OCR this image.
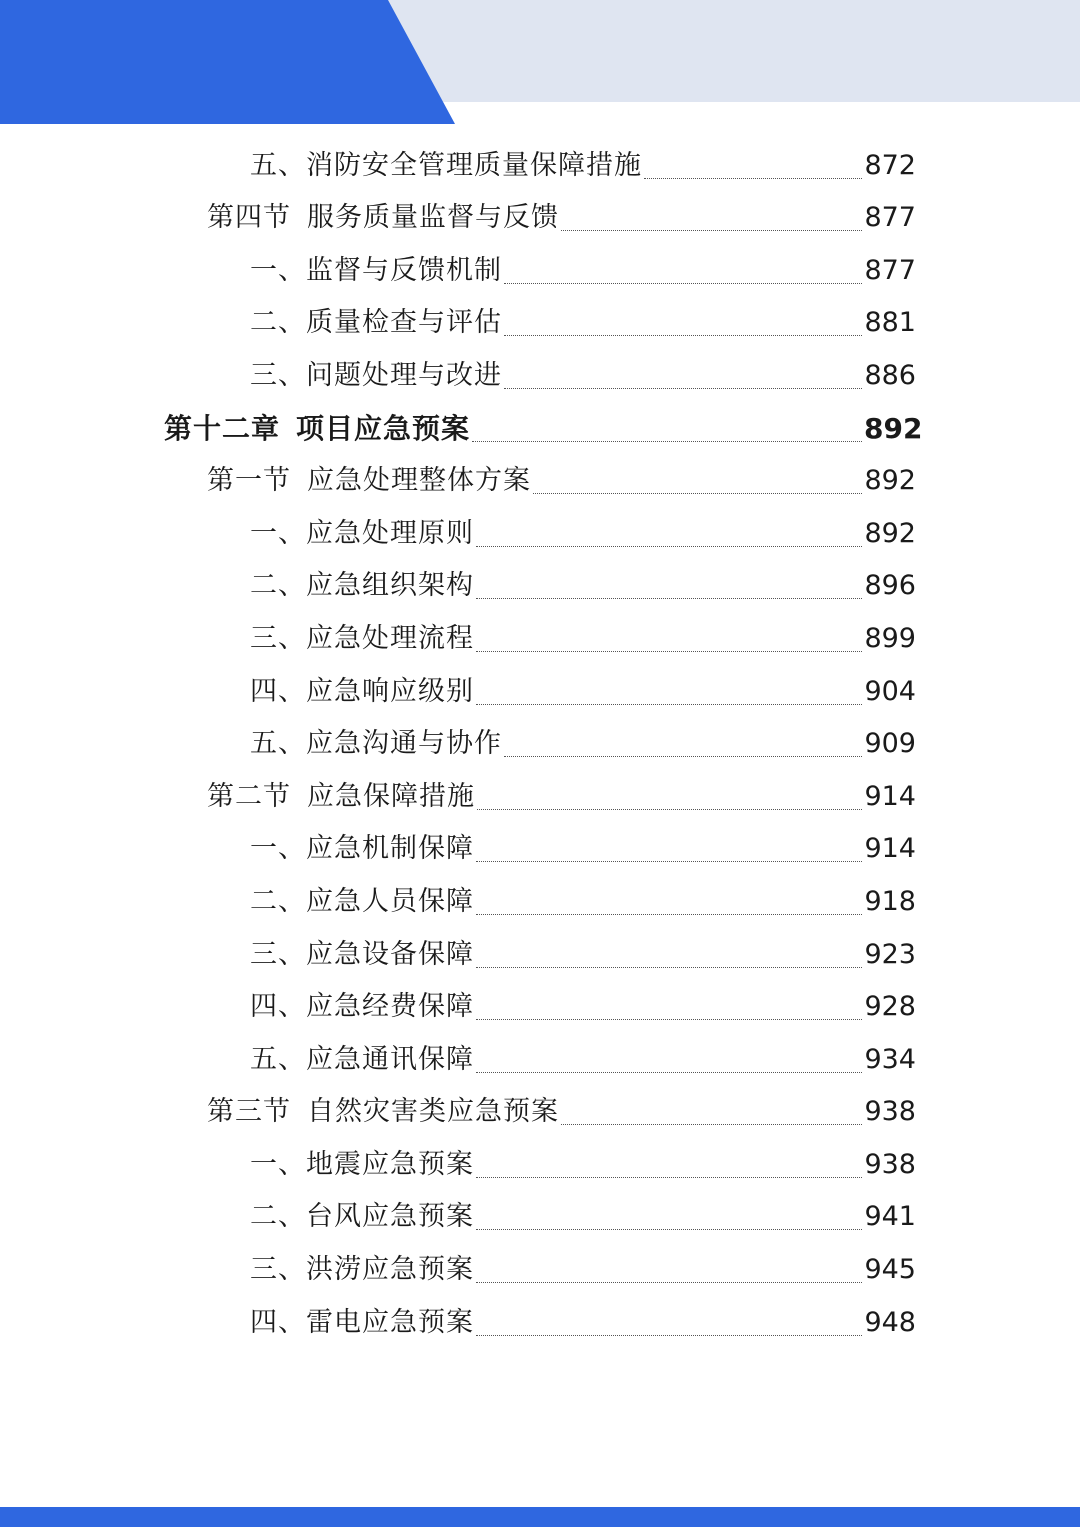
五、消防安全管理质量保障措施	872
第四节 服务质量监督与反馈	877
一、监督与反馈机制	877
二、质量检查与评估	881
三、问题处理与改进	886
第十二章 项目应急预案	892
第一节 应急处理整体方案	892
一、应急处理原则	892
二、应急组织架构	896
三、应急处理流程	899
四、应急响应级别	904
五、应急沟通与协作	909
第二节 应急保障措施	914
一、应急机制保障	914
二、应急人员保障	918
三、应急设备保障	923
四、应急经费保障	928
五、应急通讯保障	934
第三节 自然灾害类应急预案	938
一、地震应急预案	938
二、台风应急预案	941
三、洪涝应急预案	945
四、雷电应急预案	948
